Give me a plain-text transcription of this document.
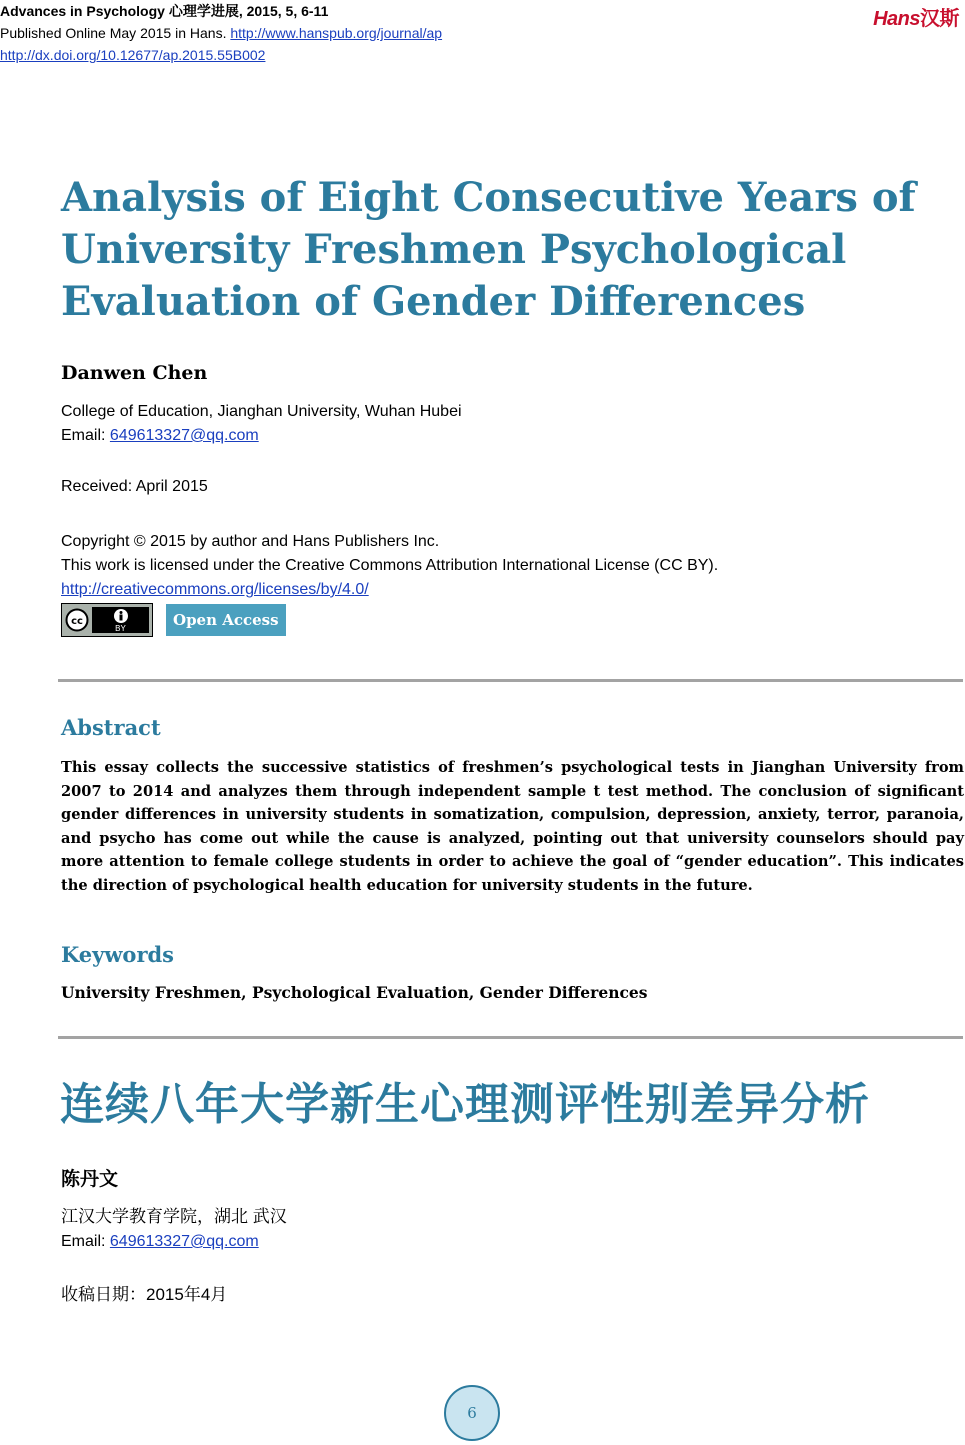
Advances in Psychology 心理学进展, 2015, 5, 6-11
Published Online May 2015 in Hans. http://www.hanspub.org/journal/ap
http://dx.doi.org/10.12677/ap.2015.55B002
Hans汉斯
Analysis of Eight Consecutive Years of University Freshmen Psychological Evaluation of Gender Differences
Danwen Chen
College of Education, Jianghan University, Wuhan Hubei
Email: 649613327@qq.com
Received: April 2015
Copyright © 2015 by author and Hans Publishers Inc.
This work is licensed under the Creative Commons Attribution International License (CC BY).
http://creativecommons.org/licenses/by/4.0/
cc
BY	Open Access
Abstract

This essay collects the successive statistics of freshmen’s psychological tests in Jianghan University from 2007 to 2014 and analyzes them through independent sample t test method. The conclusion of significant gender differences in university students in somatization, compulsion, depression, anxiety, terror, paranoia, and psycho has come out while the cause is analyzed, pointing out that university counselors should pay more attention to female college students in order to achieve the goal of “gender education”. This indicates the direction of psychological health education for university students in the future.

Keywords
University Freshmen, Psychological Evaluation, Gender Differences
连续八年大学新生心理测评性别差异分析
陈丹文
江汉大学教育学院，湖北 武汉
Email: 649613327@qq.com
收稿日期：2015年4月
6
